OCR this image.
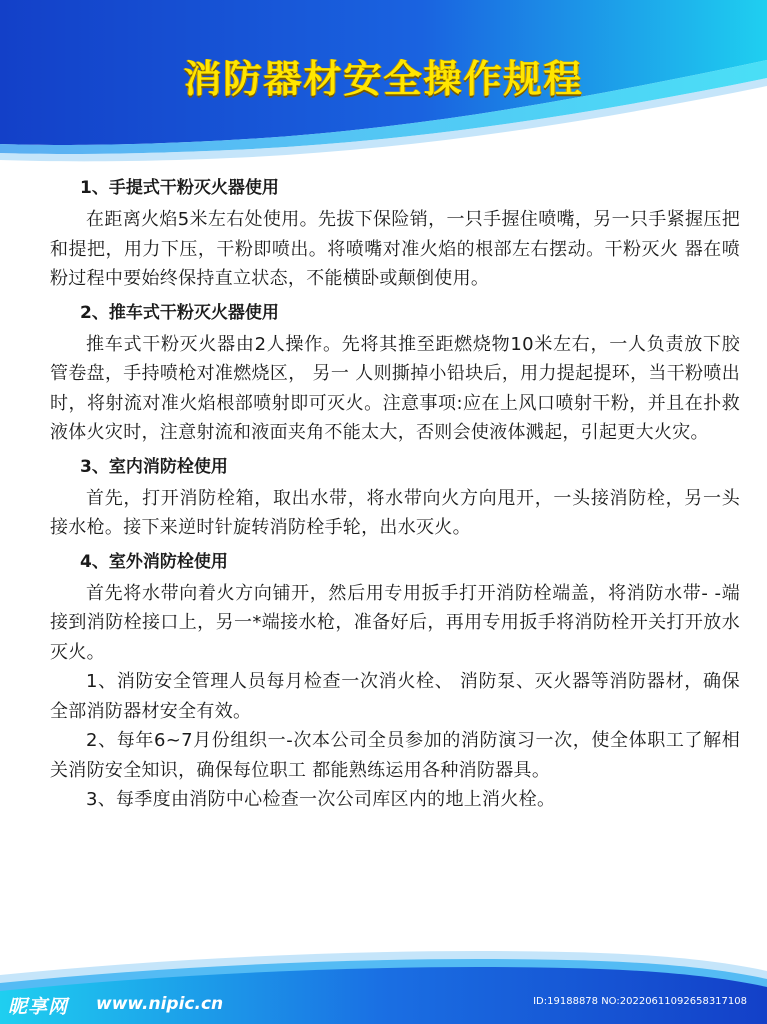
消防器材安全操作规程
1、手提式干粉灭火器使用

在距离火焰5米左右处使用。先拔下保险销，一只手握住喷嘴，另一只手紧握压把和提把，用力下压，干粉即喷出。将喷嘴对准火焰的根部左右摆动。干粉灭火 器在喷粉过程中要始终保持直立状态，不能横卧或颠倒使用。

2、推车式干粉灭火器使用

推车式干粉灭火器由2人操作。先将其推至距燃烧物10米左右，一人负责放下胶管卷盘，手持喷枪对准燃烧区， 另一 人则撕掉小铅块后，用力提起提环，当干粉喷出时，将射流对准火焰根部喷射即可灭火。注意事项:应在上风口喷射干粉，并且在扑救液体火灾时，注意射流和液面夹角不能太大，否则会使液体溅起，引起更大火灾。

3、室内消防栓使用

首先，打开消防栓箱，取出水带，将水带向火方向甩开，一头接消防栓，另一头接水枪。接下来逆时针旋转消防栓手轮，出水灭火。

4、室外消防栓使用

首先将水带向着火方向铺开，然后用专用扳手打开消防栓端盖，将消防水带- -端接到消防栓接口上，另一*端接水枪，准备好后，再用专用扳手将消防栓开关打开放水灭火。

1、消防安全管理人员每月检查一次消火栓、 消防泵、灭火器等消防器材，确保全部消防器材安全有效。

2、每年6~7月份组织一-次本公司全员参加的消防演习一次，使全体职工了解相关消防安全知识，确保每位职工 都能熟练运用各种消防器具。

3、每季度由消防中心检查一次公司库区内的地上消火栓。

昵享网 www.nipic.cn	ID:19188878 NO:20220611092658317108
